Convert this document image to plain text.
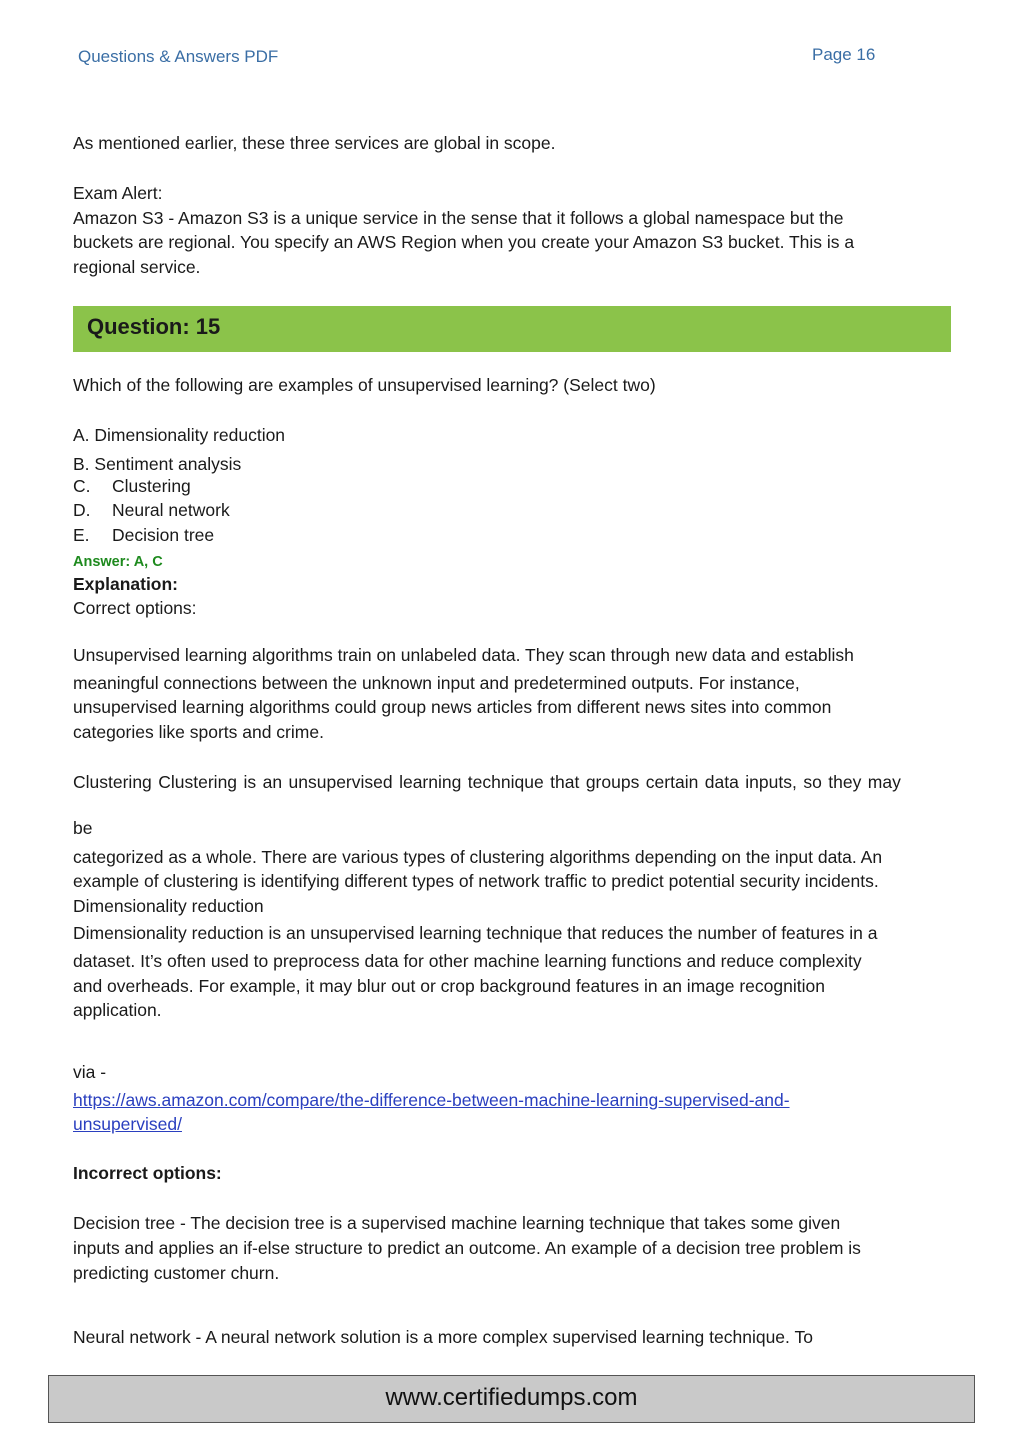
Questions & Answers PDF	Page 16
As mentioned earlier, these three services are global in scope.
Exam Alert:
Amazon S3 - Amazon S3 is a unique service in the sense that it follows a global namespace but the
buckets are regional. You specify an AWS Region when you create your Amazon S3 bucket. This is a
regional service.
Question: 15
Which of the following are examples of unsupervised learning? (Select two)
A. Dimensionality reduction
B. Sentiment analysis
C. Clustering
D. Neural network
E. Decision tree
Answer: A, C
Explanation:
Correct options:
Unsupervised learning algorithms train on unlabeled data. They scan through new data and establish
meaningful connections between the unknown input and predetermined outputs. For instance,
unsupervised learning algorithms could group news articles from different news sites into common
categories like sports and crime.
Clustering Clustering is an unsupervised learning technique that groups certain data inputs, so they may
be
categorized as a whole. There are various types of clustering algorithms depending on the input data. An
example of clustering is identifying different types of network traffic to predict potential security incidents.
Dimensionality reduction
Dimensionality reduction is an unsupervised learning technique that reduces the number of features in a
dataset. It’s often used to preprocess data for other machine learning functions and reduce complexity
and overheads. For example, it may blur out or crop background features in an image recognition
application.
via -
https://aws.amazon.com/compare/the-difference-between-machine-learning-supervised-and-
unsupervised/
Incorrect options:
Decision tree - The decision tree is a supervised machine learning technique that takes some given
inputs and applies an if-else structure to predict an outcome. An example of a decision tree problem is
predicting customer churn.
Neural network - A neural network solution is a more complex supervised learning technique. To
www.certifiedumps.com
